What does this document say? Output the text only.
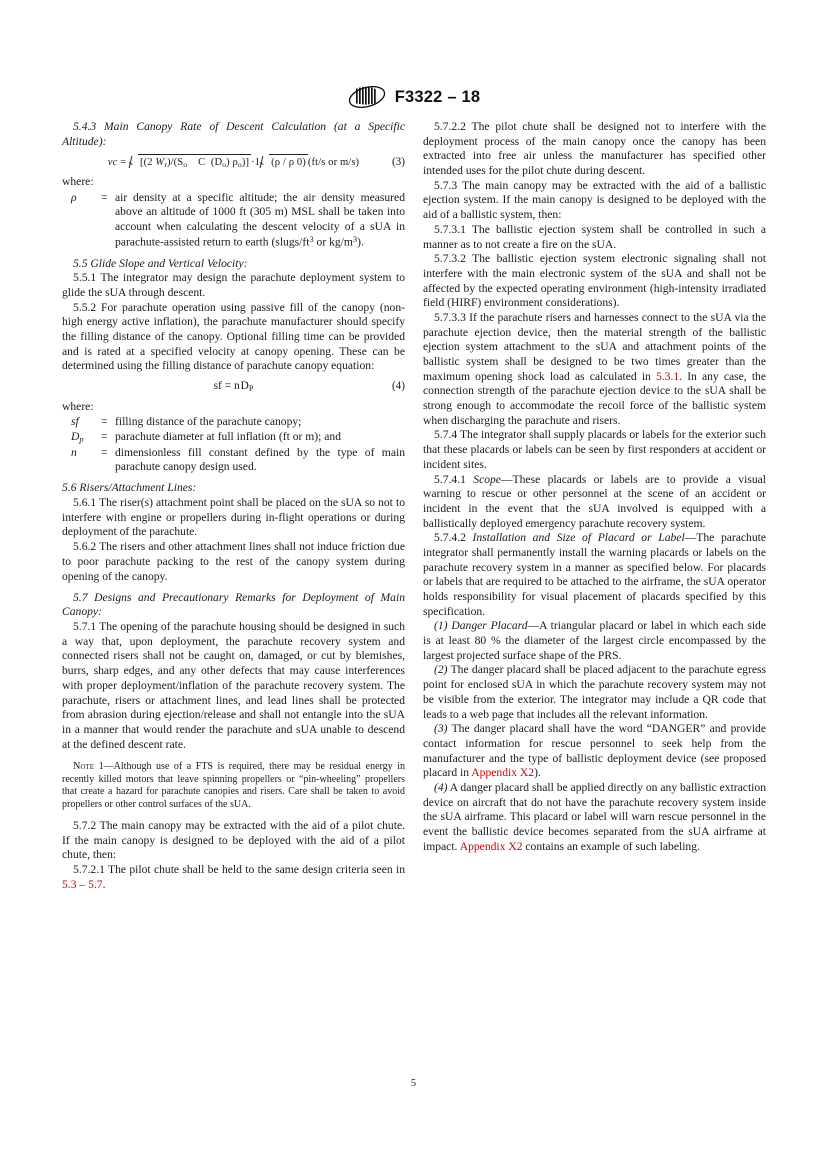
F3322 – 18

5.4.3 Main Canopy Rate of Descent Calculation (at a Specific Altitude):

vc = [(2 $W_r)/(S_o$    C  $(D_o)$ $\rho_o)] \cdot 1$ (ρ / ρ 0) (ft/s or m/s)	(3)

where:

ρ	=	air density at a specific altitude; the air density measured above an altitude of 1000 ft (305 m) MSL shall be taken into account when calculating the descent velocity of a sUA in parachute-assisted return to earth ($slugs/ft^3$ or $kg/m^3$).

5.5 Glide Slope and Vertical Velocity:

5.5.1 The integrator may design the parachute deployment system to glide the sUA through descent.

5.5.2 For parachute operation using passive fill of the canopy (non-high energy active inflation), the parachute manufacturer should specify the filling distance of the canopy. Optional filling time can be provided and is rated at a specified velocity at canopy opening. These can be determined using the filling distance of parachute canopy equation:

sf = n $D_P$	(4)

where:

sf	=	filling distance of the parachute canopy;
$D_p$	=	parachute diameter at full inflation (ft or m); and
n	=	dimensionless fill constant defined by the type of main parachute canopy design used.

5.6 Risers/Attachment Lines:

5.6.1 The riser(s) attachment point shall be placed on the sUA so not to interfere with engine or propellers during in-flight operations or during deployment of the parachute.

5.6.2 The risers and other attachment lines shall not induce friction due to poor parachute packing to the rest of the canopy system during opening of the canopy.

5.7 Designs and Precautionary Remarks for Deployment of Main Canopy:

5.7.1 The opening of the parachute housing should be designed in such a way that, upon deployment, the parachute recovery system and connected risers shall not be caught on, damaged, or cut by blemishes, burrs, sharp edges, and any other defects that may cause interferences with proper deployment/inflation of the parachute recovery system. The parachute, risers or attachment lines, and lead lines shall be protected from abrasion during ejection/release and shall not entangle into the sUA in a manner that would render the parachute and sUA unable to descend at the defined descent rate.

Note 1—Although use of a FTS is required, there may be residual energy in recently killed motors that leave spinning propellers or “pin-wheeling” propellers that create a hazard for parachute canopies and risers. Care shall be taken to avoid propellers or other control surfaces of the sUA.

5.7.2 The main canopy may be extracted with the aid of a pilot chute. If the main canopy is designed to be deployed with the aid of a pilot chute, then:

5.7.2.1 The pilot chute shall be held to the same design criteria seen in 5.3 – 5.7.

5.7.2.2 The pilot chute shall be designed not to interfere with the deployment process of the main canopy once the canopy has been extracted into free air unless the manufacturer has specified other intended uses for the pilot chute during descent.

5.7.3 The main canopy may be extracted with the aid of a ballistic ejection system. If the main canopy is designed to be deployed with the aid of a ballistic system, then:

5.7.3.1 The ballistic ejection system shall be controlled in such a manner as to not create a fire on the sUA.

5.7.3.2 The ballistic ejection system electronic signaling shall not interfere with the main electronic system of the sUA and shall not be affected by the expected operating environment (high-intensity irradiated field (HIRF) environment considerations).

5.7.3.3 If the parachute risers and harnesses connect to the sUA via the parachute ejection device, then the material strength of the ballistic ejection system attachment to the sUA and attachment points of the ballistic system shall be designed to be two times greater than the maximum opening shock load as calculated in 5.3.1. In any case, the connection strength of the parachute ejection device to the sUA shall be strong enough to accommodate the recoil force of the ballistic system when discharging the parachute and risers.

5.7.4 The integrator shall supply placards or labels for the exterior such that these placards or labels can be seen by first responders at accident or incident sites.

5.7.4.1 Scope—These placards or labels are to provide a visual warning to rescue or other personnel at the scene of an accident or incident in the event that the sUA involved is equipped with a ballistically deployed emergency parachute recovery system.

5.7.4.2 Installation and Size of Placard or Label—The parachute integrator shall permanently install the warning placards or labels on the parachute recovery system in a manner as specified below. For placards or labels that are required to be attached to the airframe, the sUA operator holds responsibility for visual placement of placards specified by this specification.

(1) Danger Placard—A triangular placard or label in which each side is at least 80 % the diameter of the largest circle encompassed by the largest projected surface shape of the PRS.

(2) The danger placard shall be placed adjacent to the parachute egress point for enclosed sUA in which the parachute recovery system may not be visible from the exterior. The integrator may include a QR code that leads to a web page that includes all the relevant information.

(3) The danger placard shall have the word “DANGER” and provide contact information for rescue personnel to seek help from the manufacturer and the type of ballistic deployment device (see proposed placard in Appendix X2).

(4) A danger placard shall be applied directly on any ballistic extraction device on aircraft that do not have the parachute recovery system inside the sUA airframe. This placard or label will warn rescue personnel in the event the ballistic device becomes separated from the sUA airframe at impact. Appendix X2 contains an example of such labeling.

5
